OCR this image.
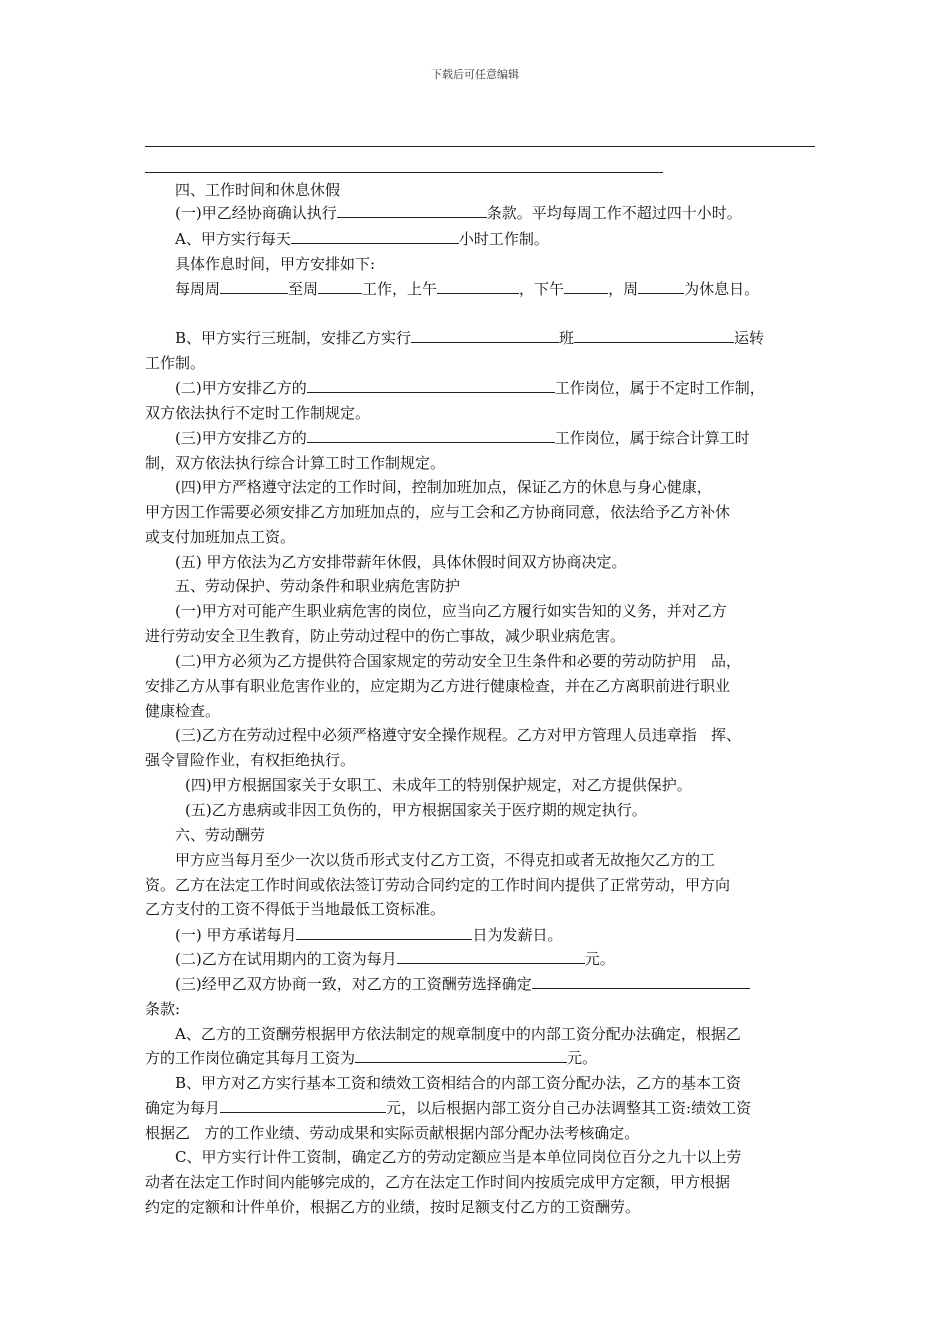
下载后可任意编辑
四、工作时间和休息休假
(一)甲乙经协商确认执行	条款。平均每周工作不超过四十小时。
A、甲方实行每天	小时工作制。
具体作息时间，甲方安排如下:
每周周	至周	工作，上午	，下午	，周	为休息日。
B、甲方实行三班制，安排乙方实行	班	运转
工作制。
(二)甲方安排乙方的	工作岗位，属于不定时工作制，
双方依法执行不定时工作制规定。
(三)甲方安排乙方的	工作岗位，属于综合计算工时
制，双方依法执行综合计算工时工作制规定。
(四)甲方严格遵守法定的工作时间，控制加班加点，保证乙方的休息与身心健康，
甲方因工作需要必须安排乙方加班加点的，应与工会和乙方协商同意，依法给予乙方补休
或支付加班加点工资。
(五) 甲方依法为乙方安排带薪年休假，具体休假时间双方协商决定。
五、劳动保护、劳动条件和职业病危害防护
(一)甲方对可能产生职业病危害的岗位，应当向乙方履行如实告知的义务，并对乙方
进行劳动安全卫生教育，防止劳动过程中的伤亡事故，减少职业病危害。
(二)甲方必须为乙方提供符合国家规定的劳动安全卫生条件和必要的劳动防护用   品，
安排乙方从事有职业危害作业的，应定期为乙方进行健康检查，并在乙方离职前进行职业
健康检查。
(三)乙方在劳动过程中必须严格遵守安全操作规程。乙方对甲方管理人员违章指   挥、
强令冒险作业，有权拒绝执行。
(四)甲方根据国家关于女职工、未成年工的特别保护规定，对乙方提供保护。
(五)乙方患病或非因工负伤的，甲方根据国家关于医疗期的规定执行。
六、劳动酬劳
甲方应当每月至少一次以货币形式支付乙方工资，不得克扣或者无故拖欠乙方的工
资。乙方在法定工作时间或依法签订劳动合同约定的工作时间内提供了正常劳动，甲方向
乙方支付的工资不得低于当地最低工资标准。
(一) 甲方承诺每月	日为发薪日。
(二)乙方在试用期内的工资为每月	元。
(三)经甲乙双方协商一致，对乙方的工资酬劳选择确定
条款:
A、乙方的工资酬劳根据甲方依法制定的规章制度中的内部工资分配办法确定，根据乙
方的工作岗位确定其每月工资为	元。
B、甲方对乙方实行基本工资和绩效工资相结合的内部工资分配办法，乙方的基本工资
确定为每月	元，以后根据内部工资分自己办法调整其工资:绩效工资
根据乙   方的工作业绩、劳动成果和实际贡献根据内部分配办法考核确定。
C、甲方实行计件工资制，确定乙方的劳动定额应当是本单位同岗位百分之九十以上劳
动者在法定工作时间内能够完成的，乙方在法定工作时间内按质完成甲方定额，甲方根据
约定的定额和计件单价，根据乙方的业绩，按时足额支付乙方的工资酬劳。
